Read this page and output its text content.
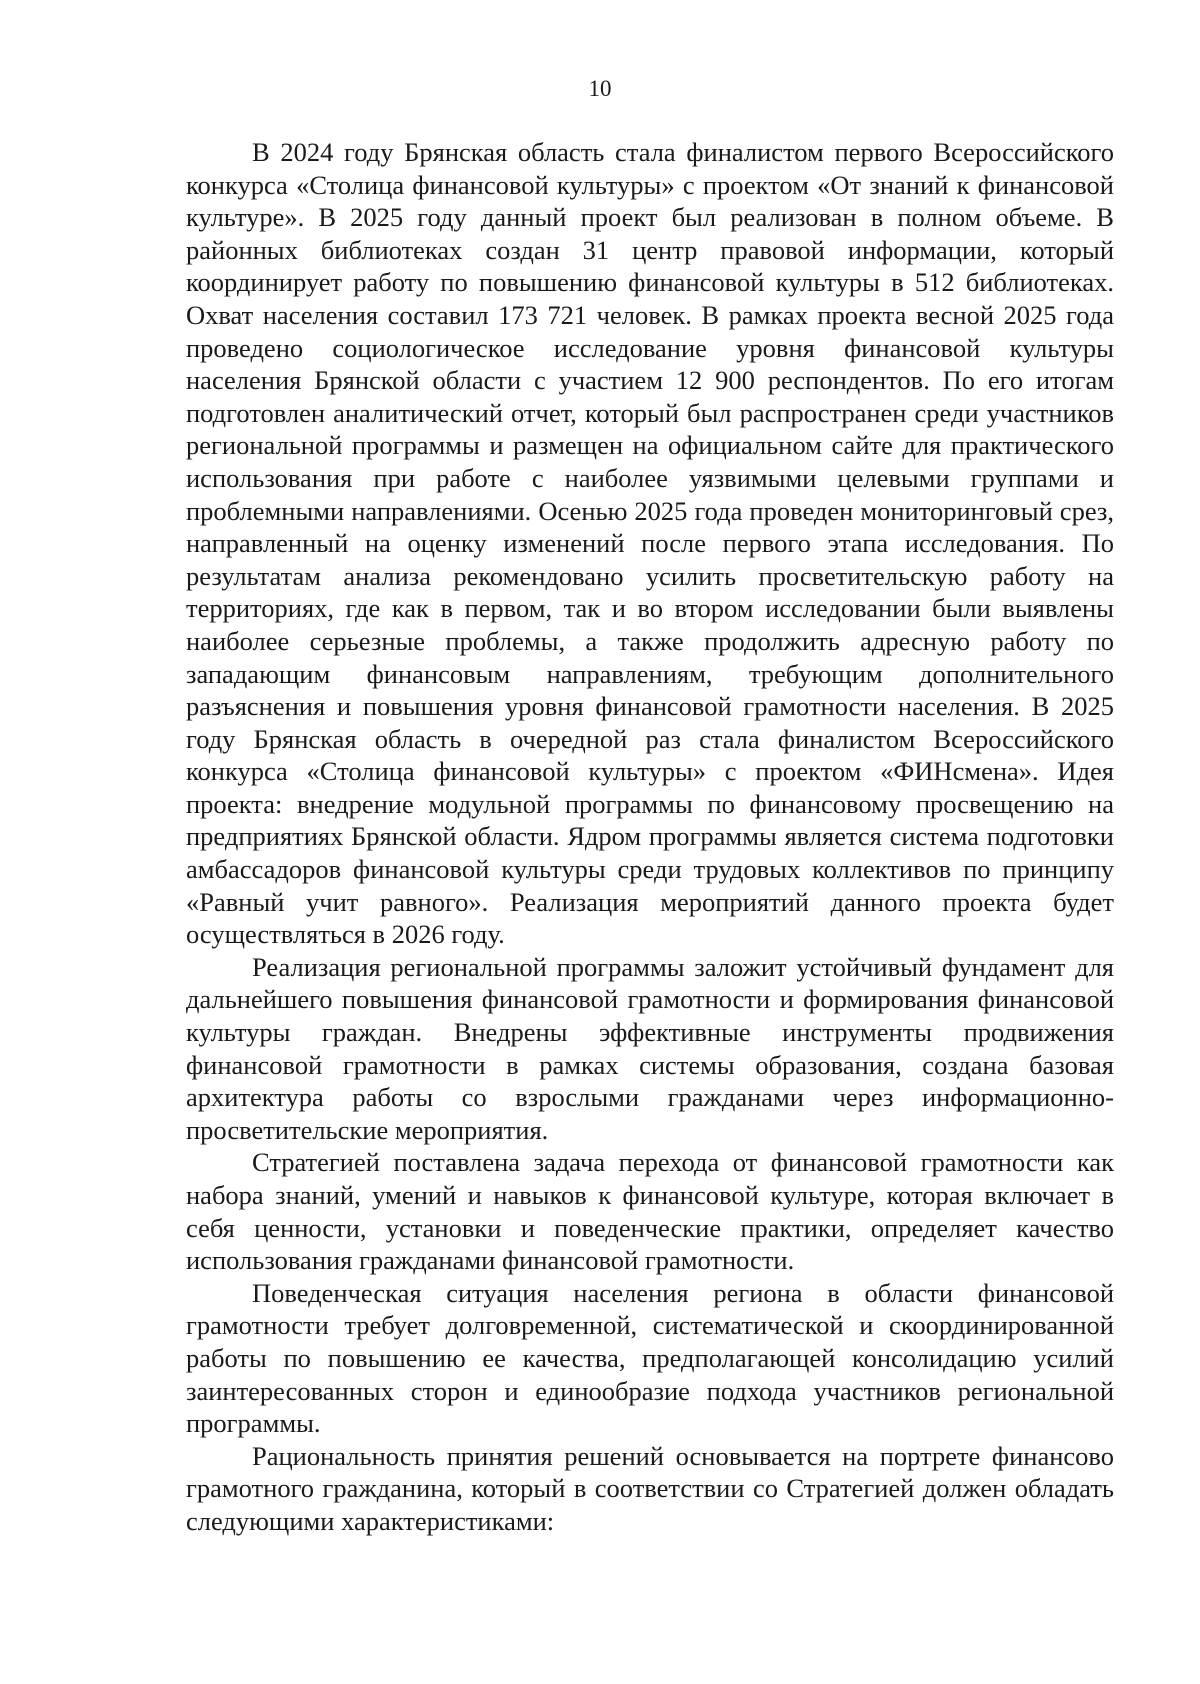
10

В 2024 году Брянская область стала финалистом первого Всероссийского конкурса «Столица финансовой культуры» с проектом «От знаний к финансовой культуре». В 2025 году данный проект был реализован в полном объеме. В районных библиотеках создан 31 центр правовой информации, который координирует работу по повышению финансовой культуры в 512 библиотеках. Охват населения составил 173 721 человек. В рамках проекта весной 2025 года проведено социологическое исследование уровня финансовой культуры населения Брянской области с участием 12 900 респондентов. По его итогам подготовлен аналитический отчет, который был распространен среди участников региональной программы и размещен на официальном сайте для практического использования при работе с наиболее уязвимыми целевыми группами и проблемными направлениями. Осенью 2025 года проведен мониторинговый срез, направленный на оценку изменений после первого этапа исследования. По результатам анализа рекомендовано усилить просветительскую работу на территориях, где как в первом, так и во втором исследовании были выявлены наиболее серьезные проблемы, а также продолжить адресную работу по западающим финансовым направлениям, требующим дополнительного разъяснения и повышения уровня финансовой грамотности населения. В 2025 году Брянская область в очередной раз стала финалистом Всероссийского конкурса «Столица финансовой культуры» с проектом «ФИНсмена». Идея проекта: внедрение модульной программы по финансовому просвещению на предприятиях Брянской области. Ядром программы является система подготовки амбассадоров финансовой культуры среди трудовых коллективов по принципу «Равный учит равного». Реализация мероприятий данного проекта будет осуществляться в 2026 году.

Реализация региональной программы заложит устойчивый фундамент для дальнейшего повышения финансовой грамотности и формирования финансовой культуры граждан. Внедрены эффективные инструменты продвижения финансовой грамотности в рамках системы образования, создана базовая архитектура работы со взрослыми гражданами через информационно-просветительские мероприятия.

Стратегией поставлена задача перехода от финансовой грамотности как набора знаний, умений и навыков к финансовой культуре, которая включает в себя ценности, установки и поведенческие практики, определяет качество использования гражданами финансовой грамотности.

Поведенческая ситуация населения региона в области финансовой грамотности требует долговременной, систематической и скоординированной работы по повышению ее качества, предполагающей консолидацию усилий заинтересованных сторон и единообразие подхода участников региональной программы.

Рациональность принятия решений основывается на портрете финансово грамотного гражданина, который в соответствии со Стратегией должен обладать следующими характеристиками:
